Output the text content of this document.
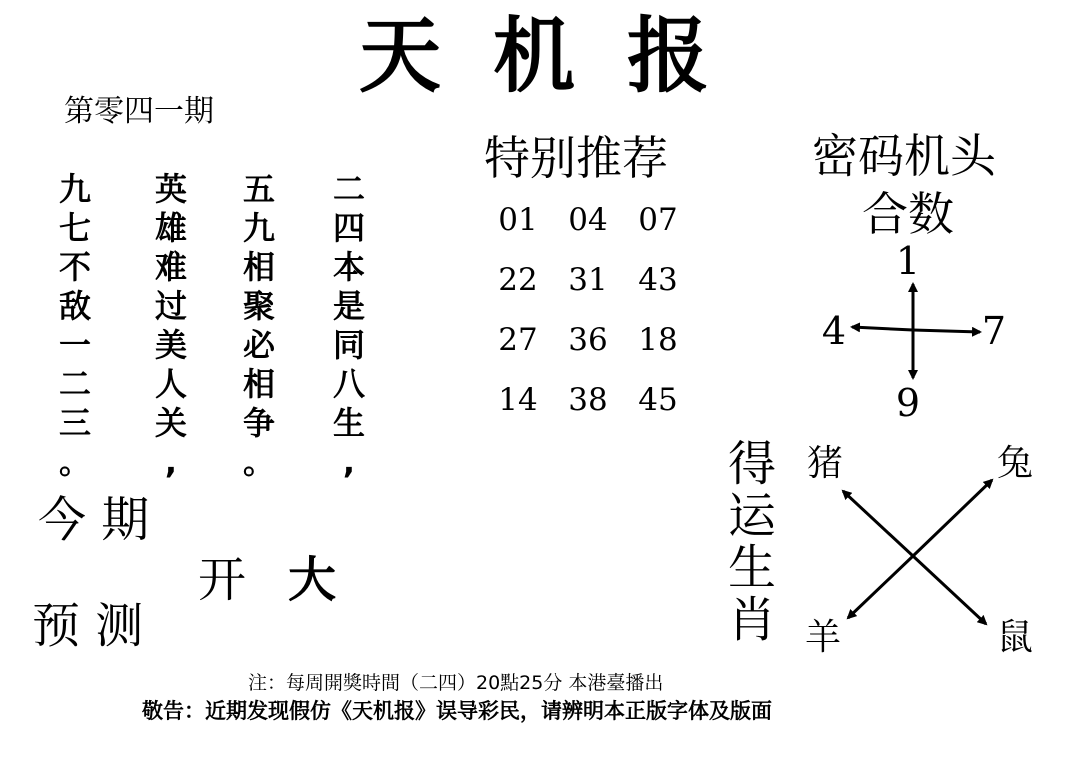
天机报
第零四一期
九
七
不
敌
一
二
三
。
英
雄
难
过
美
人
关
,
五
九
相
聚
必
相
争
。
二
四
本
是
同
八
生
,
今 期
开 大
预 测
特别推荐
01 04 07
22 31 43
27 36 18
14 38 45
密码机头
合数
1
4	7
9
得
运
生
肖
猪	兔
羊	鼠
注：每周開獎時間（二四）20點25分 本港臺播出
敬告：近期发现假仿《天机报》误导彩民，请辨明本正版字体及版面
